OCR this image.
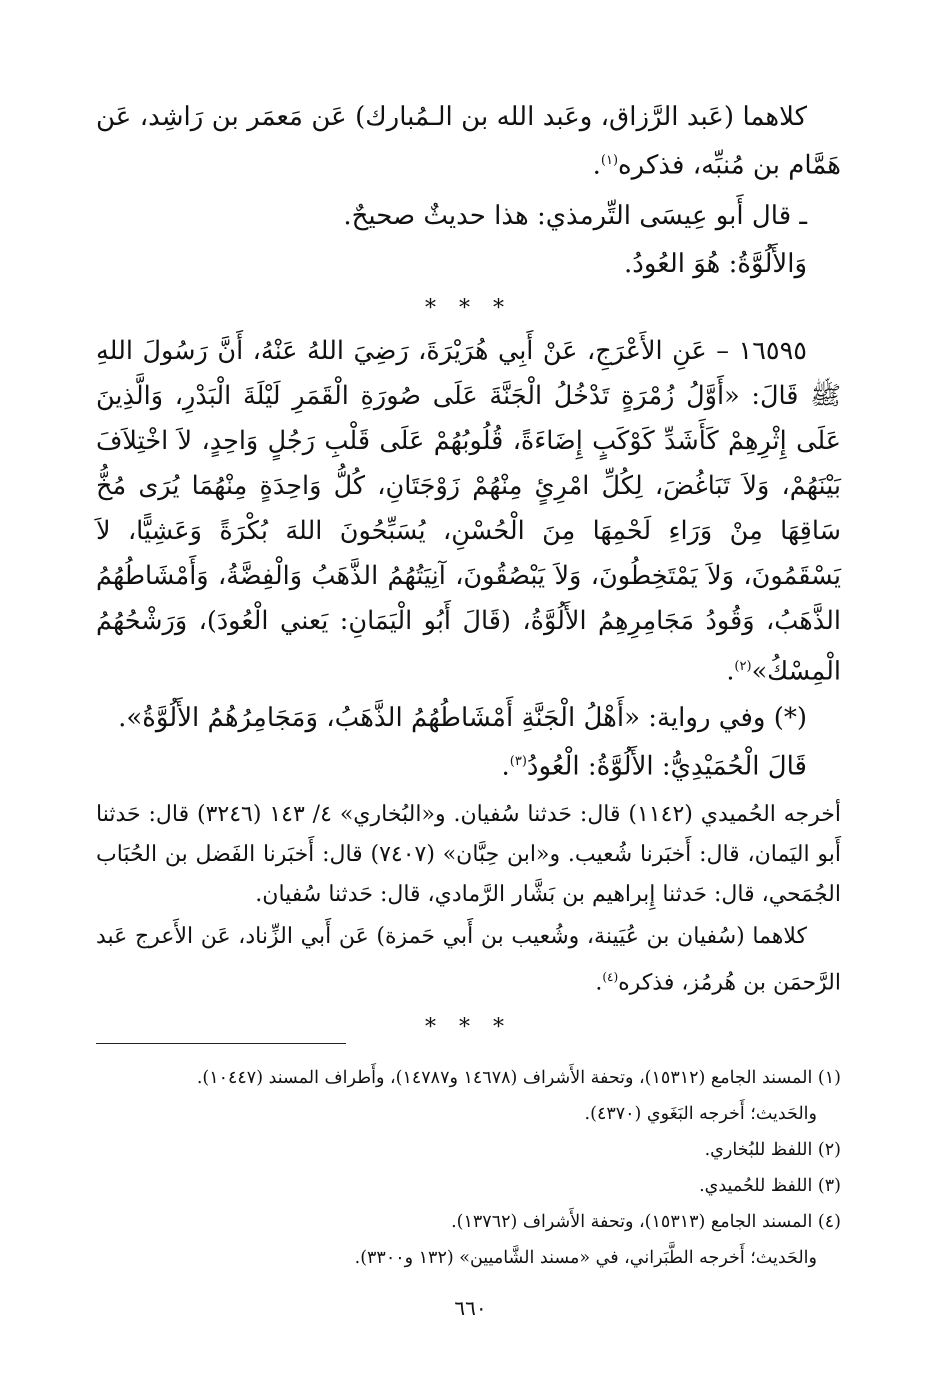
كلاهما (عَبد الرَّزاق، وعَبد الله بن الـمُبارك) عَن مَعمَر بن رَاشِد، عَن هَمَّام بن مُنبِّه، فذكره$^{(١)}$.

ـ قال أَبو عِيسَى التِّرمذي: هذا حديثٌ صحيحٌ.

وَالأَلُوَّةُ: هُوَ العُودُ.

* * *

١٦٥٩٥ – عَنِ الأَعْرَجِ، عَنْ أَبِي هُرَيْرَةَ، رَضِيَ اللهُ عَنْهُ، أَنَّ رَسُولَ اللهِ ﷺ قَالَ: «أَوَّلُ زُمْرَةٍ تَدْخُلُ الْجَنَّةَ عَلَى صُورَةِ الْقَمَرِ لَيْلَةَ الْبَدْرِ، وَالَّذِينَ عَلَى إِثْرِهِمْ كَأَشَدِّ كَوْكَبٍ إِضَاءَةً، قُلُوبُهُمْ عَلَى قَلْبِ رَجُلٍ وَاحِدٍ، لاَ اخْتِلاَفَ بَيْنَهُمْ، وَلاَ تَبَاغُضَ، لِكُلِّ امْرِئٍ مِنْهُمْ زَوْجَتَانِ، كُلُّ وَاحِدَةٍ مِنْهُمَا يُرَى مُخُّ سَاقِهَا مِنْ وَرَاءِ لَحْمِهَا مِنَ الْحُسْنِ، يُسَبِّحُونَ اللهَ بُكْرَةً وَعَشِيًّا، لاَ يَسْقَمُونَ، وَلاَ يَمْتَخِطُونَ، وَلاَ يَبْصُقُونَ، آنِيَتُهُمُ الذَّهَبُ وَالْفِضَّةُ، وَأَمْشَاطُهُمُ الذَّهَبُ، وَقُودُ مَجَامِرِهِمُ الأَلُوَّةُ، (قَالَ أَبُو الْيَمَانِ: يَعني الْعُودَ)، وَرَشْحُهُمُ الْمِسْكُ»$^{(٢)}$.

(*) وفي رواية: «أَهْلُ الْجَنَّةِ أَمْشَاطُهُمُ الذَّهَبُ، وَمَجَامِرُهُمُ الأَلُوَّةُ».

قَالَ الْحُمَيْدِيُّ: الأَلُوَّةُ: الْعُودُ$^{(٣)}$.

أخرجه الحُميدي (١١٤٢) قال: حَدثنا سُفيان. و«البُخاري» ٤/ ١٤٣ (٣٢٤٦) قال: حَدثنا أَبو اليَمان، قال: أَخبَرنا شُعيب. و«ابن حِبَّان» (٧٤٠٧) قال: أَخبَرنا الفَضل بن الحُبَاب الجُمَحي، قال: حَدثنا إِبراهيم بن بَشَّار الرَّمادي، قال: حَدثنا سُفيان.

كلاهما (سُفيان بن عُيَينة، وشُعيب بن أَبي حَمزة) عَن أَبي الزِّناد، عَن الأَعرج عَبد الرَّحمَن بن هُرمُز، فذكره$^{(٤)}$.

* * *

(١) المسند الجامع (١٥٣١٢)، وتحفة الأَشراف (١٤٦٧٨ و١٤٧٨٧)، وأَطراف المسند (١٠٤٤٧).

والحَديث؛ أَخرجه البَغَوي (٤٣٧٠).

(٢) اللفظ للبُخاري.

(٣) اللفظ للحُميدي.

(٤) المسند الجامع (١٥٣١٣)، وتحفة الأَشراف (١٣٧٦٢).

والحَديث؛ أَخرجه الطَّبَراني، في «مسند الشَّاميين» (١٣٢ و٣٣٠٠).

٦٦٠
